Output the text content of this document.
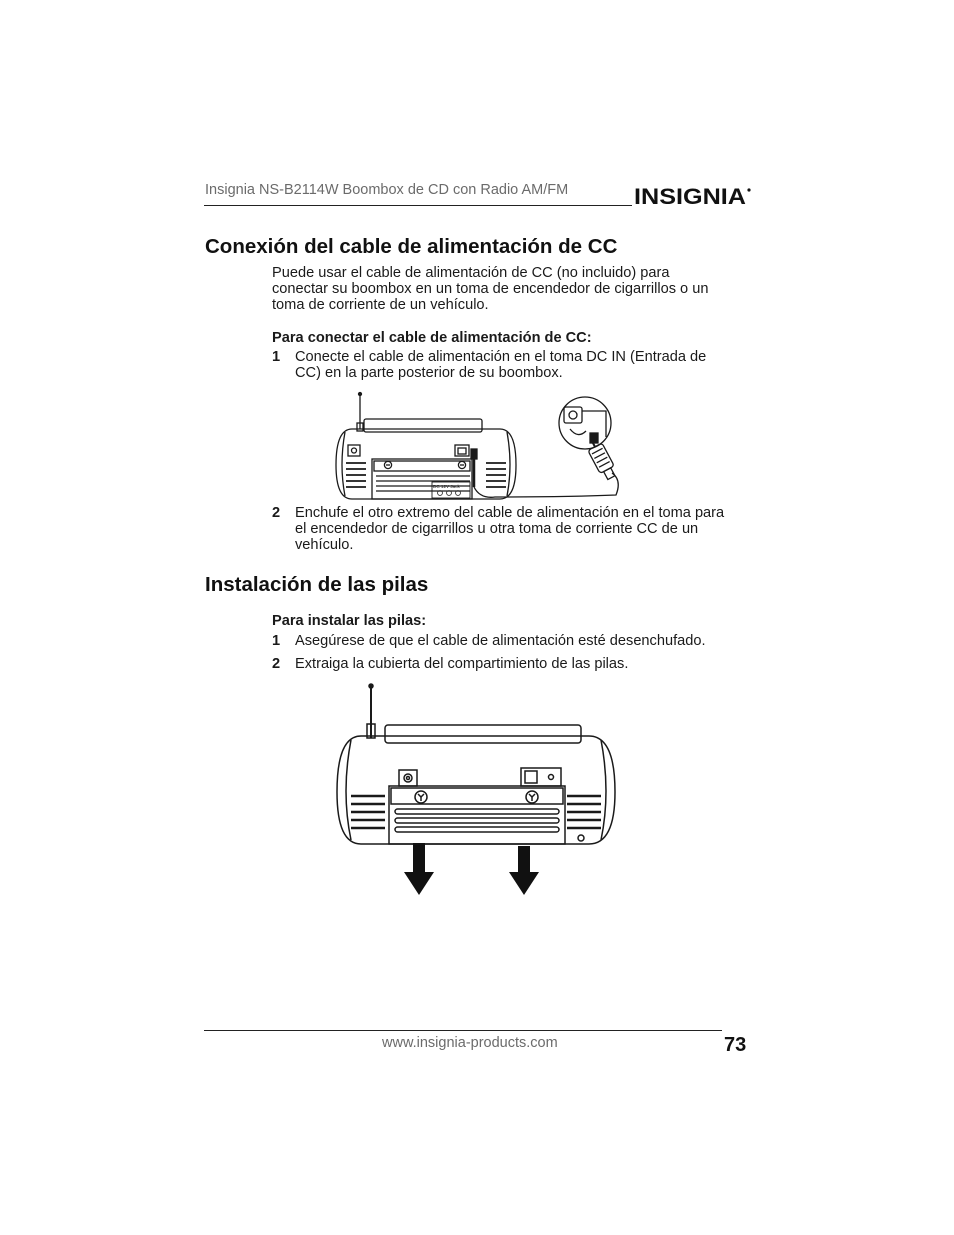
Insignia NS-B2114W Boombox de CD con Radio AM/FM	INSIGNIA
Conexión del cable de alimentación de CC
Puede usar el cable de alimentación de CC (no incluido) para
conectar su boombox en un toma de encendedor de cigarrillos o un
toma de corriente de un vehículo.
Para conectar el cable de alimentación de CC:
1 Conecte el cable de alimentación en el toma DC IN (Entrada de
CC) en la parte posterior de su boombox.
DC 12V Jack
2 Enchufe el otro extremo del cable de alimentación en el toma para
el encendedor de cigarrillos u otra toma de corriente CC de un
vehículo.
Instalación de las pilas
Para instalar las pilas:
1 Asegúrese de que el cable de alimentación esté desenchufado.
2 Extraiga la cubierta del compartimiento de las pilas.
www.insignia-products.com	73
